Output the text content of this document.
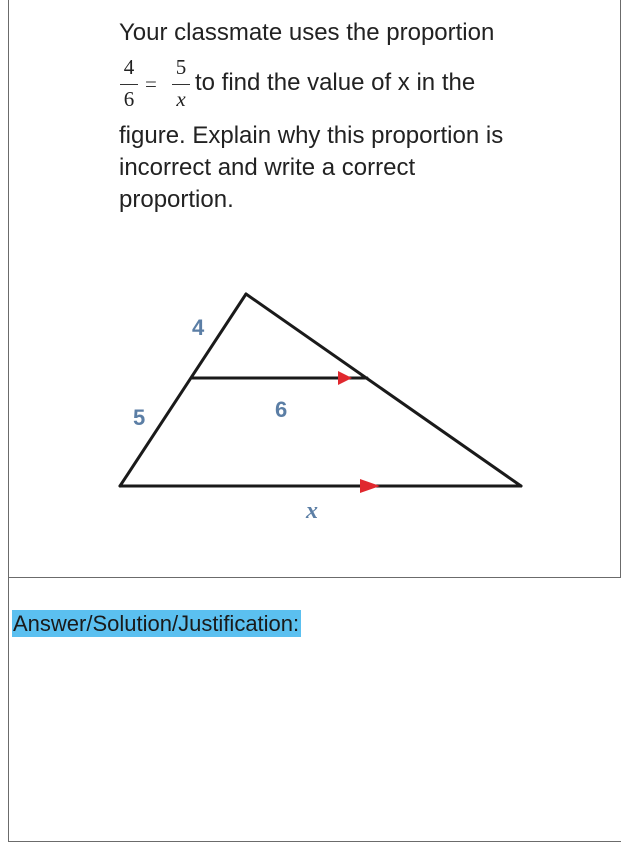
Your classmate uses the proportion
4
6
=
5
x
to find the value of x in the
figure. Explain why this proportion is
incorrect and write a correct
proportion.
4
5	6
x
Answer/Solution/Justification:
